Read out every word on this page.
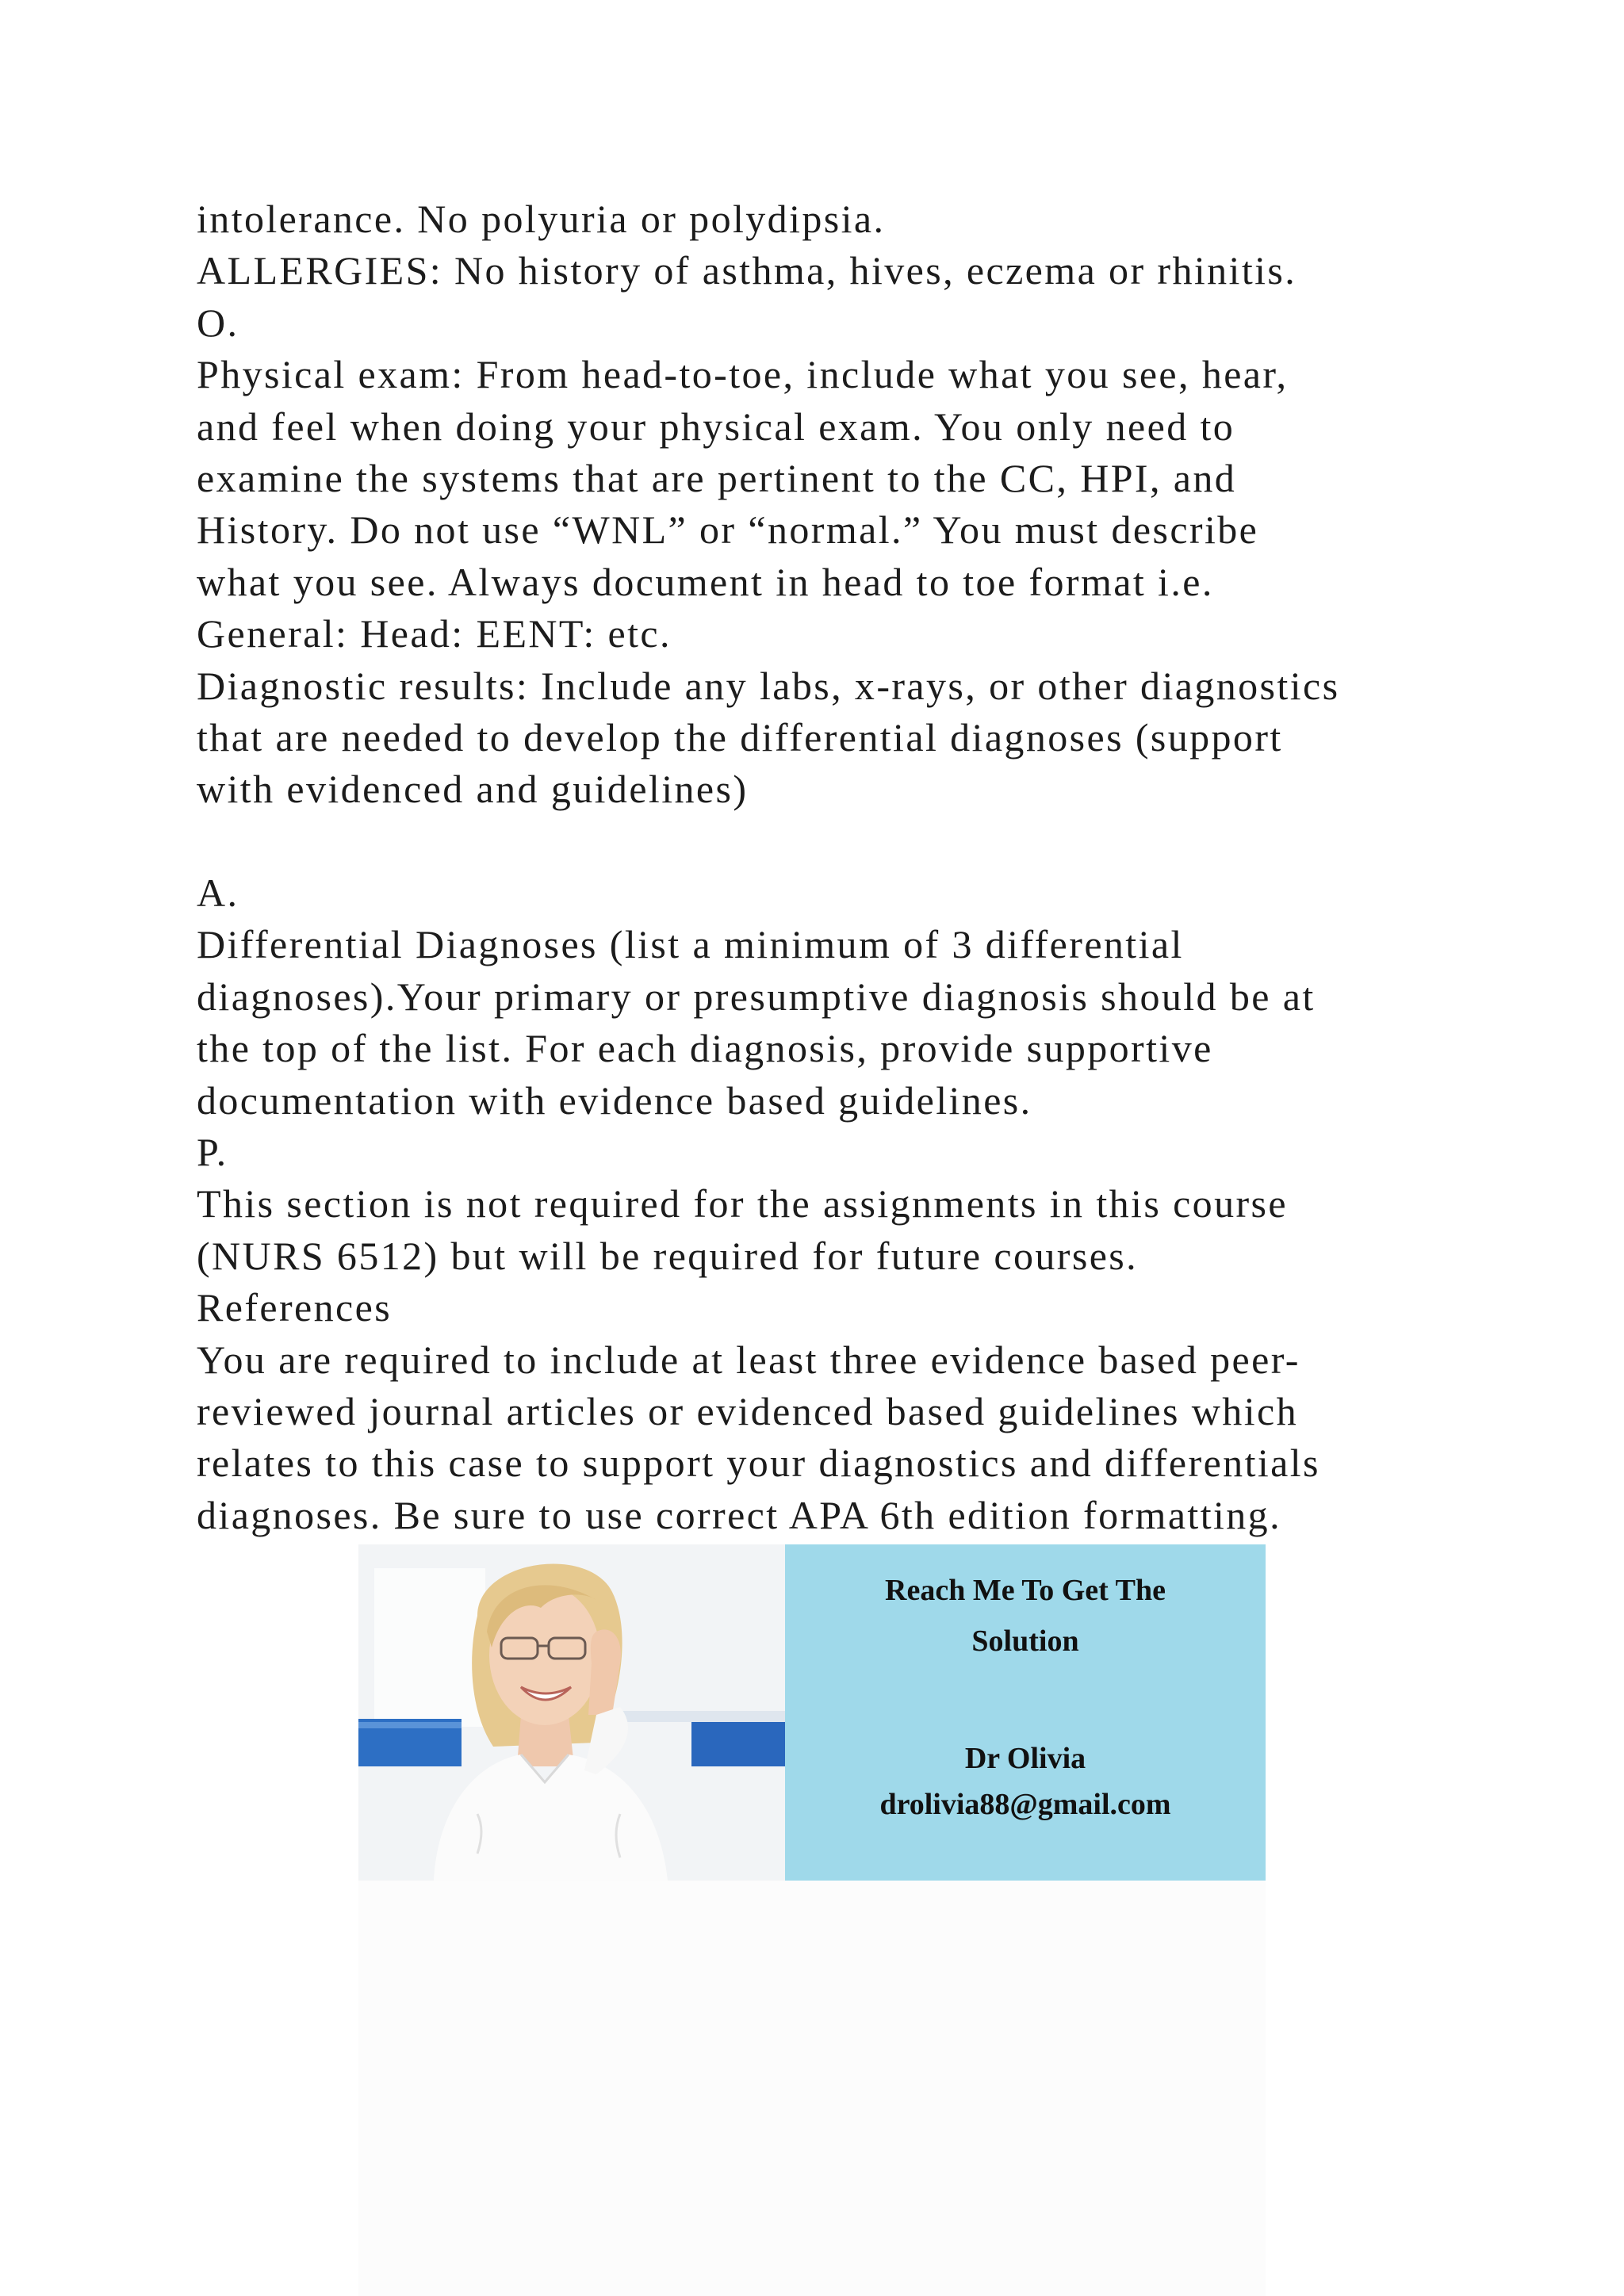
intolerance. No polyuria or polydipsia.
ALLERGIES: No history of asthma, hives, eczema or rhinitis.
O.
Physical exam: From head-to-toe, include what you see, hear,
and feel when doing your physical exam. You only need to
examine the systems that are pertinent to the CC, HPI, and
History. Do not use “WNL” or “normal.” You must describe
what you see. Always document in head to toe format i.e.
General: Head: EENT: etc.
Diagnostic results: Include any labs, x-rays, or other diagnostics
that are needed to develop the differential diagnoses (support
with evidenced and guidelines)
A.
Differential Diagnoses (list a minimum of 3 differential
diagnoses).Your primary or presumptive diagnosis should be at
the top of the list. For each diagnosis, provide supportive
documentation with evidence based guidelines.
P.
This section is not required for the assignments in this course
(NURS 6512) but will be required for future courses.
References
You are required to include at least three evidence based peer-
reviewed journal articles or evidenced based guidelines which
relates to this case to support your diagnostics and differentials
diagnoses. Be sure to use correct APA 6th edition formatting.
Reach Me To Get The
Solution
Dr Olivia
drolivia88@gmail.com
